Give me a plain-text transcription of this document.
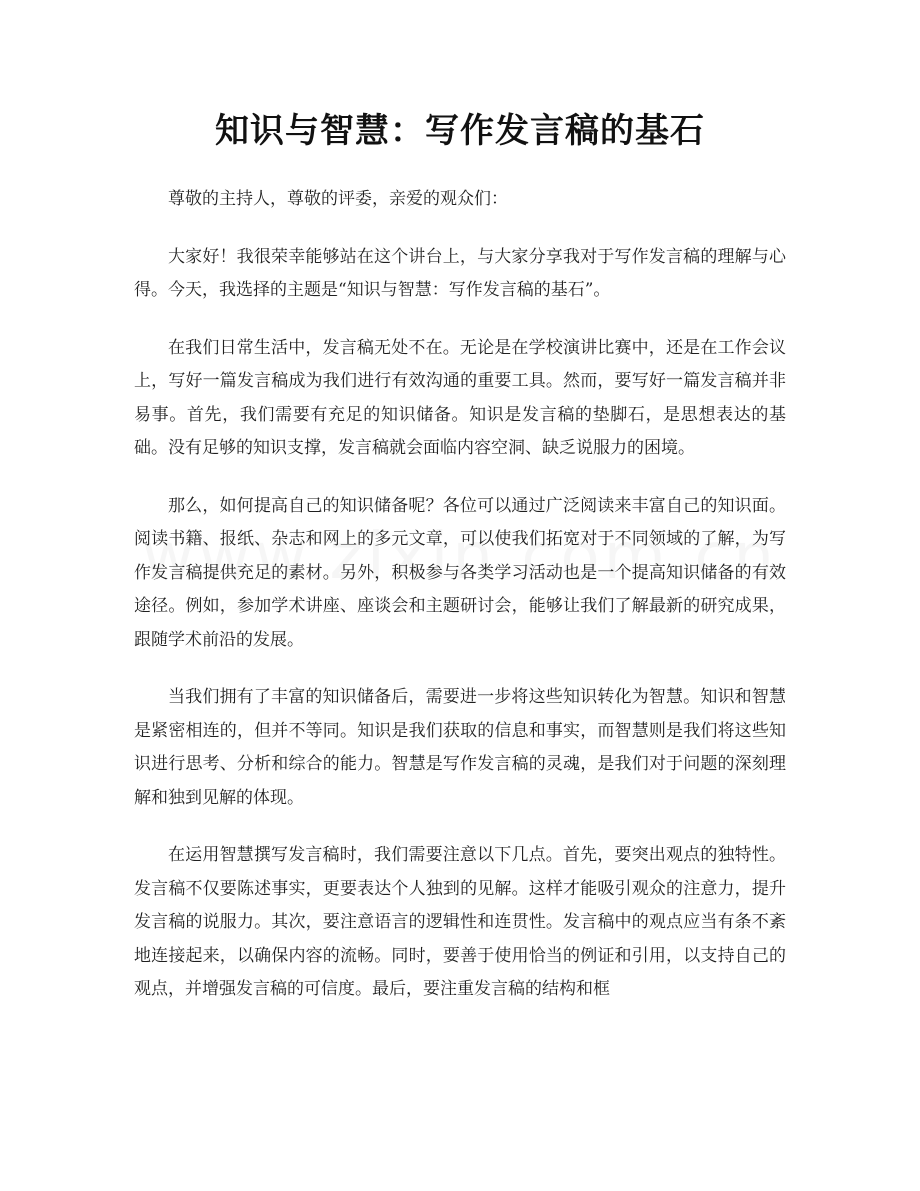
知识与智慧：写作发言稿的基石

尊敬的主持人，尊敬的评委，亲爱的观众们：

大家好！我很荣幸能够站在这个讲台上，与大家分享我对于写作发言稿的理解与心得。今天，我选择的主题是“知识与智慧：写作发言稿的基石”。

在我们日常生活中，发言稿无处不在。无论是在学校演讲比赛中，还是在工作会议上，写好一篇发言稿成为我们进行有效沟通的重要工具。然而，要写好一篇发言稿并非易事。首先，我们需要有充足的知识储备。知识是发言稿的垫脚石，是思想表达的基础。没有足够的知识支撑，发言稿就会面临内容空洞、缺乏说服力的困境。

那么，如何提高自己的知识储备呢？各位可以通过广泛阅读来丰富自己的知识面。阅读书籍、报纸、杂志和网上的多元文章，可以使我们拓宽对于不同领域的了解，为写作发言稿提供充足的素材。另外，积极参与各类学习活动也是一个提高知识储备的有效途径。例如，参加学术讲座、座谈会和主题研讨会，能够让我们了解最新的研究成果，跟随学术前沿的发展。

当我们拥有了丰富的知识储备后，需要进一步将这些知识转化为智慧。知识和智慧是紧密相连的，但并不等同。知识是我们获取的信息和事实，而智慧则是我们将这些知识进行思考、分析和综合的能力。智慧是写作发言稿的灵魂，是我们对于问题的深刻理解和独到见解的体现。

在运用智慧撰写发言稿时，我们需要注意以下几点。首先，要突出观点的独特性。发言稿不仅要陈述事实，更要表达个人独到的见解。这样才能吸引观众的注意力，提升发言稿的说服力。其次，要注意语言的逻辑性和连贯性。发言稿中的观点应当有条不紊地连接起来，以确保内容的流畅。同时，要善于使用恰当的例证和引用，以支持自己的观点，并增强发言稿的可信度。最后，要注重发言稿的结构和框
